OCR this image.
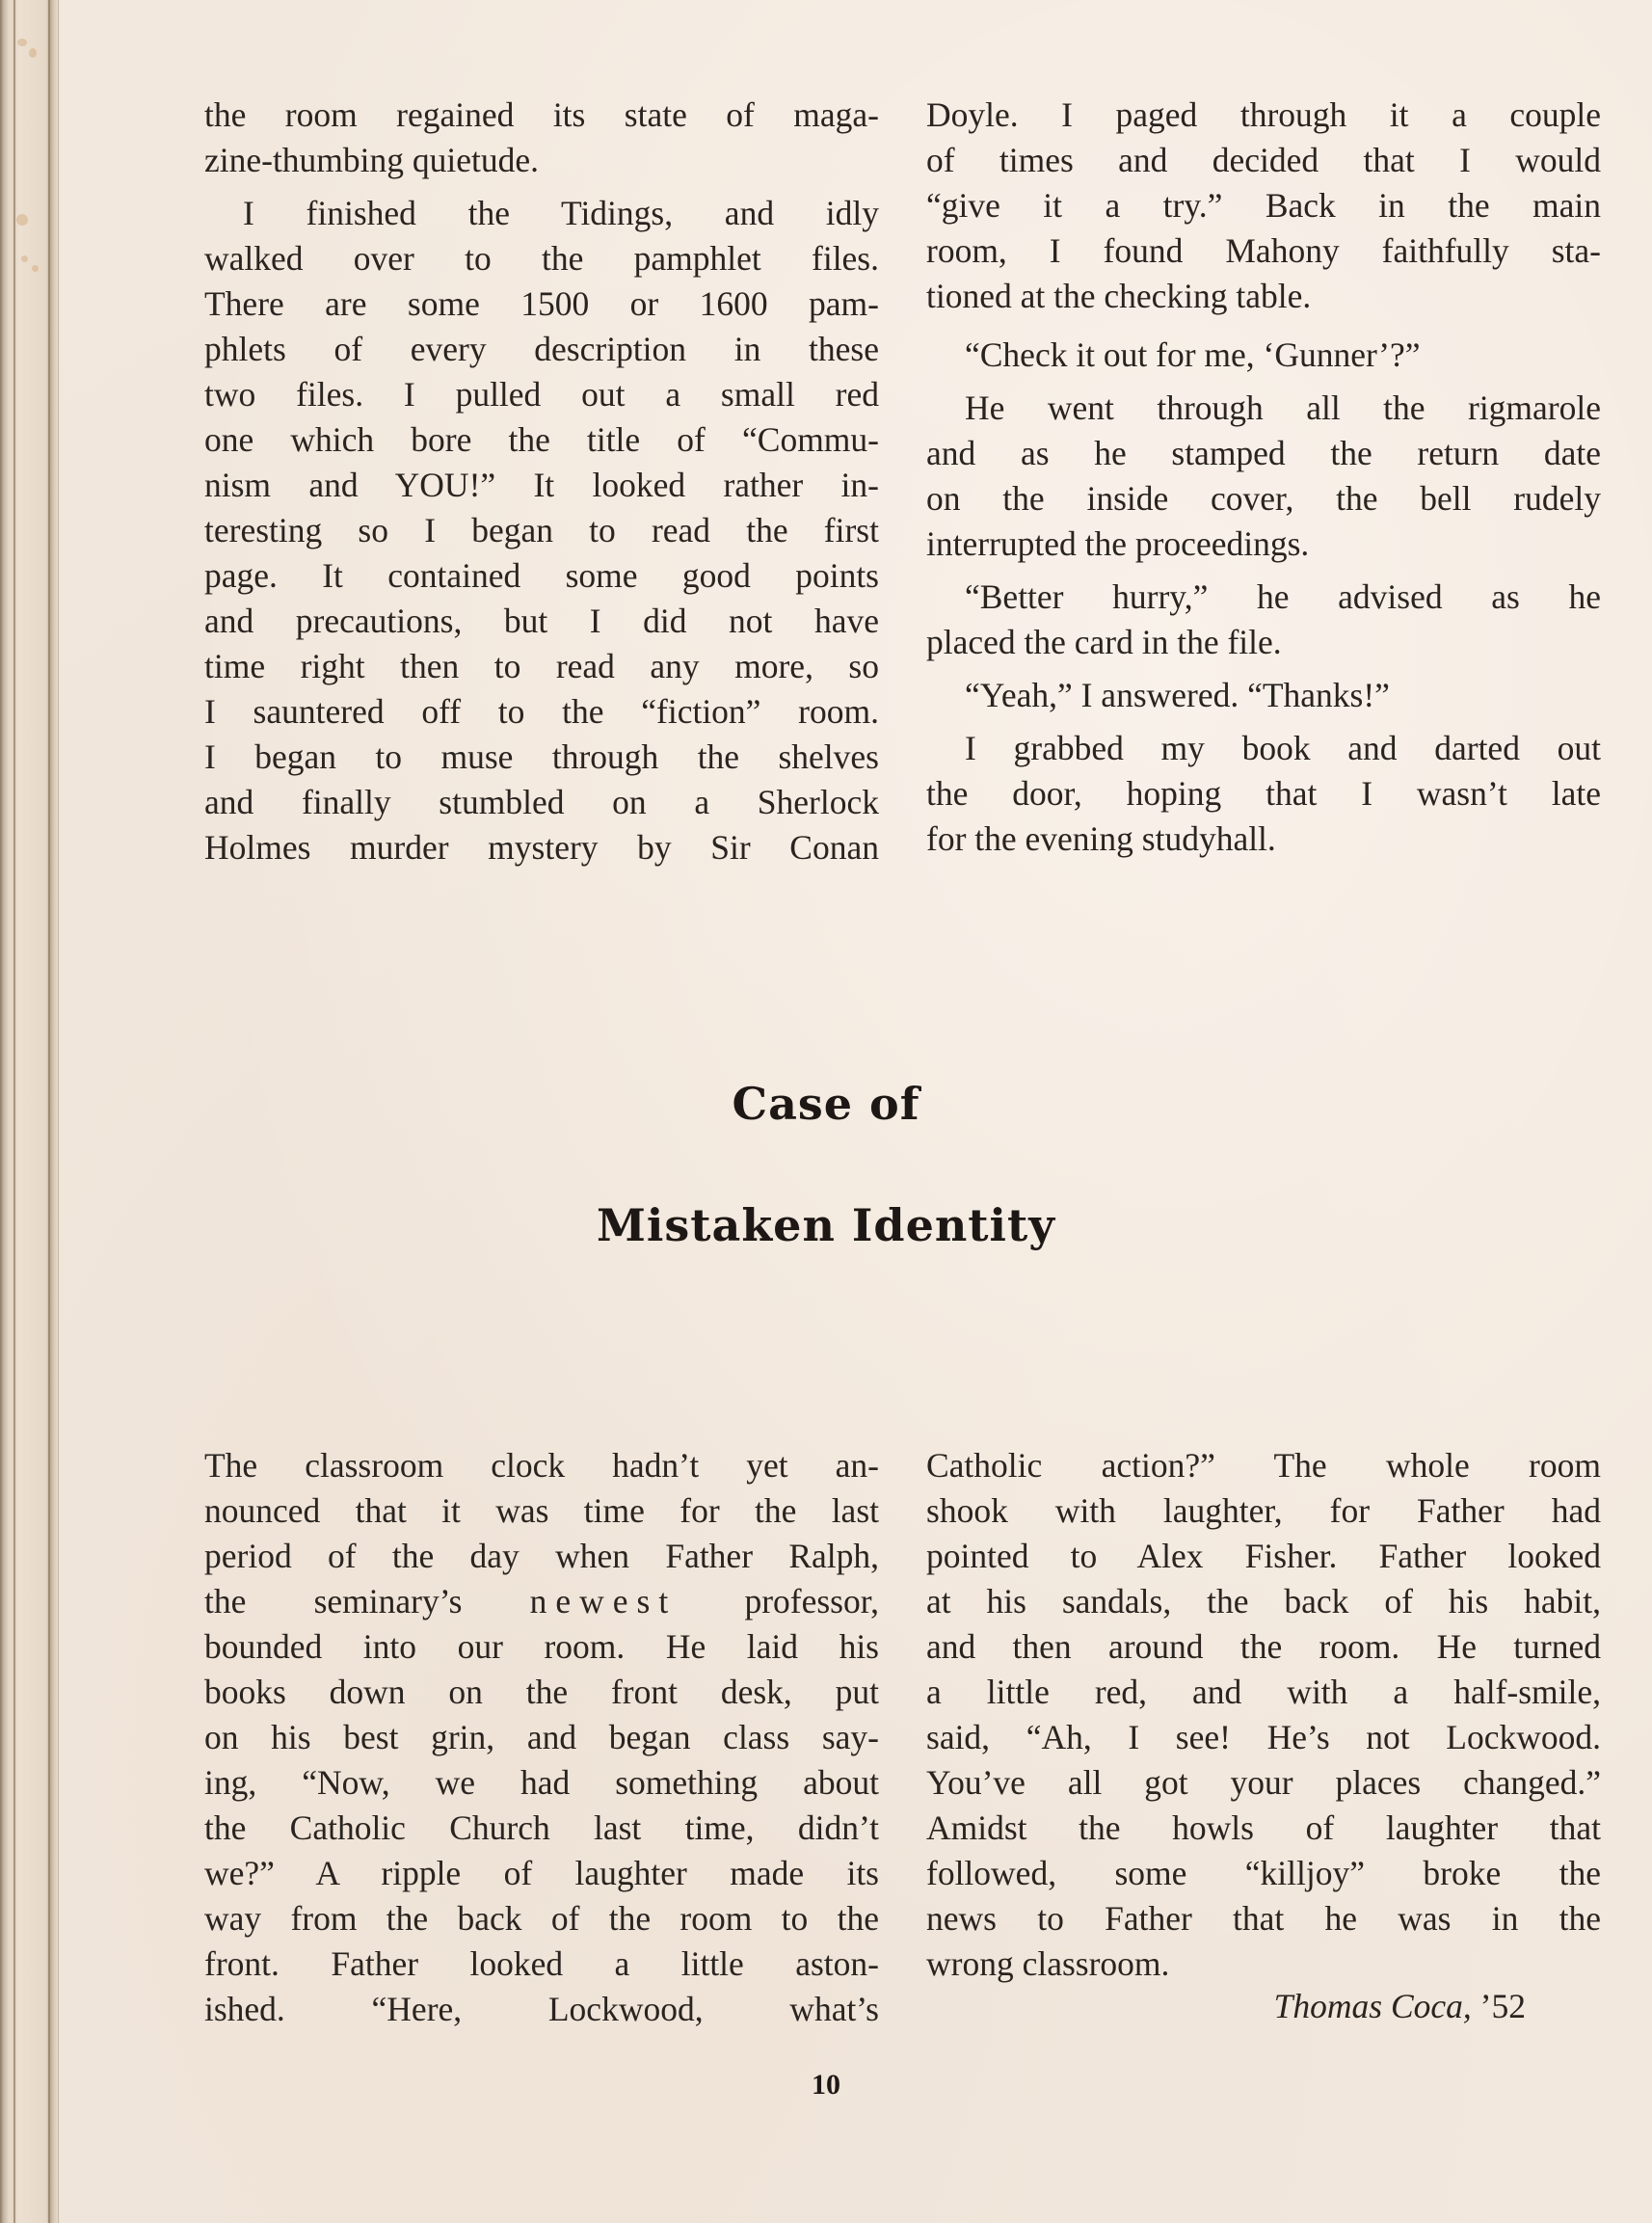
the room regained its state of maga-
zine-thumbing quietude.
I finished the Tidings, and idly
walked over to the pamphlet files.
There are some 1500 or 1600 pam-
phlets of every description in these
two files. I pulled out a small red
one which bore the title of “Commu-
nism and YOU!” It looked rather in-
teresting so I began to read the first
page. It contained some good points
and precautions, but I did not have
time right then to read any more, so
I sauntered off to the “fiction” room.
I began to muse through the shelves
and finally stumbled on a Sherlock
Holmes murder mystery by Sir Conan
Doyle. I paged through it a couple
of times and decided that I would
“give it a try.” Back in the main
room, I found Mahony faithfully sta-
tioned at the checking table.
“Check it out for me, ‘Gunner’?”
He went through all the rigmarole
and as he stamped the return date
on the inside cover, the bell rudely
interrupted the proceedings.
“Better hurry,” he advised as he
placed the card in the file.
“Yeah,” I answered. “Thanks!”
I grabbed my book and darted out
the door, hoping that I wasn’t late
for the evening studyhall.
Case of
Mistaken Identity
The classroom clock hadn’t yet an-
nounced that it was time for the last
period of the day when Father Ralph,
the seminary’s newest professor,
bounded into our room. He laid his
books down on the front desk, put
on his best grin, and began class say-
ing, “Now, we had something about
the Catholic Church last time, didn’t
we?” A ripple of laughter made its
way from the back of the room to the
front. Father looked a little aston-
ished. “Here, Lockwood, what’s
Catholic action?” The whole room
shook with laughter, for Father had
pointed to Alex Fisher. Father looked
at his sandals, the back of his habit,
and then around the room. He turned
a little red, and with a half-smile,
said, “Ah, I see! He’s not Lockwood.
You’ve all got your places changed.”
Amidst the howls of laughter that
followed, some “killjoy” broke the
news to Father that he was in the
wrong classroom.
Thomas Coca, ’52
10
